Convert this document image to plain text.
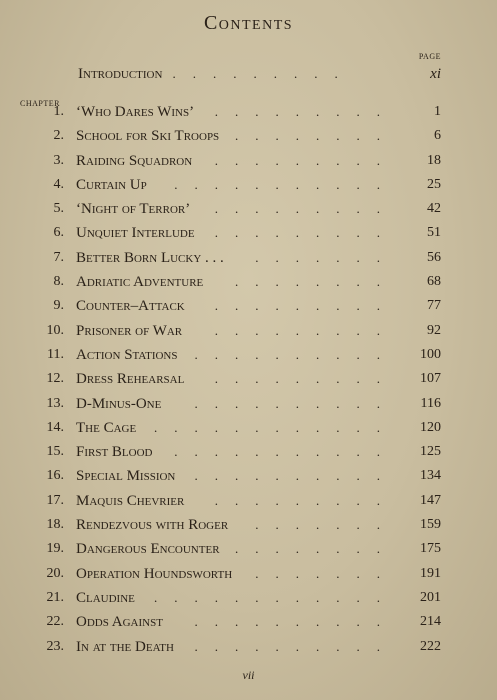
Contents
PAGE
Introduction .........	xi
CHAPTER
1. ‘Who Dares Wins’	.........	1
2. School for Ski Troops	........	6
3. Raiding Squadron	.........	18
4. Curtain Up	...........	25
5. ‘Night of Terror’	.........	42
6. Unquiet Interlude	.........	51
7. Better Born Lucky . . .	.......	56
8. Adriatic Adventure	........	68
9. Counter–Attack	.........	77
10. Prisoner of War	.........	92
11. Action Stations	..........	100
12. Dress Rehearsal	.........	107
13. D-Minus-One	..........	116
14. The Cage	............	120
15. First Blood	...........	125
16. Special Mission	..........	134
17. Maquis Chevrier	.........	147
18. Rendezvous with Roger	.......	159
19. Dangerous Encounter	........	175
20. Operation Houndsworth	.......	191
21. Claudine	............	201
22. Odds Against	..........	214
23. In at the Death	..........	222
vii
